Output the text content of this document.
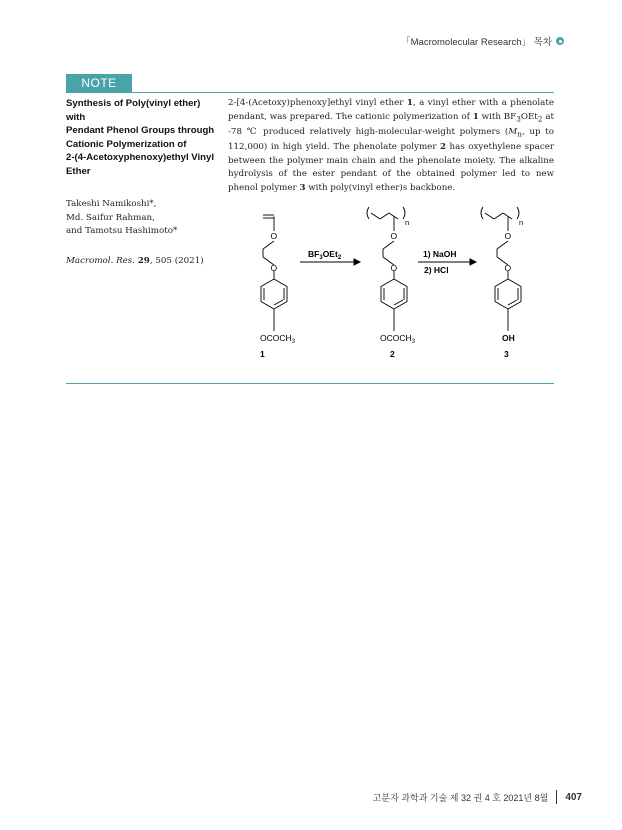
「Macromolecular Research」 목차
NOTE

Synthesis of Poly(vinyl ether) with
Pendant Phenol Groups through
Cationic Polymerization of
2-(4-Acetoxyphenoxy)ethyl Vinyl
Ether

Takeshi Namikoshi*,
Md. Saifur Rahman,
and Tamotsu Hashimoto*
Macromol. Res. 29, 505 (2021)

2-[4-(Acetoxy)phenoxy]ethyl vinyl ether 1, a vinyl ether with a phenolate pendant, was prepared. The cationic polymerization of 1 with $BF_3OEt_2$ at -78 ℃ produced relatively high-molecular-weight polymers ($M_n$, up to 112,000) in high yield. The phenolate polymer 2 has oxyethylene spacer between the polymer main chain and the phenolate moiety. The alkaline hydrolysis of the ester pendant of the obtained polymer led to new phenol polymer 3 with poly(vinyl ether)s backbone.

O
O
$OCOCH_3$
1
$BF_3OEt_2$
n
O
O
$OCOCH_3$
2
1) NaOH
2) HCl
n
O
O
OH
3
고분자 과학과 기술 제 32 권 4 호 2021년 8월 407
